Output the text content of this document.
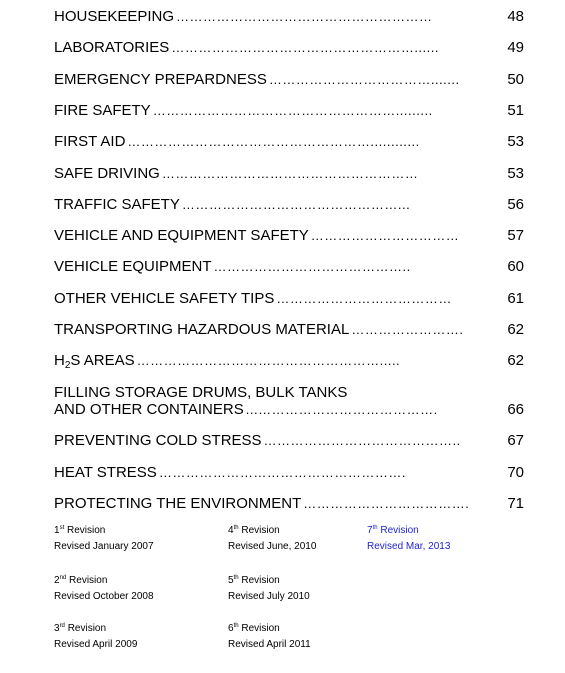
HOUSEKEEPING …………………………………………………	48
LABORATORIES ………………………………………………......	49
EMERGENCY PREPARDNESS ……………………………….......	50
FIRE SAFETY ……………………………………………….........	51
FIRST AID ………………………………………………............	53
SAFE DRIVING …………………………………………………	53
TRAFFIC SAFETY …………………………………………...	56
VEHICLE AND EQUIPMENT SAFETY ……………………………	57
VEHICLE EQUIPMENT ……………………………………..	60
OTHER VEHICLE SAFETY TIPS …………………………………	61
TRANSPORTING HAZARDOUS MATERIAL …………………….	62
$H_2S$ AREAS ……………………………………………….....	62
FILLING STORAGE DRUMS, BULK TANKS
AND OTHER CONTAINERS ...………………………………….	66
PREVENTING COLD STRESS ……………………………………..	67
HEAT STRESS ……………………………………………….	70
PROTECTING THE ENVIRONMENT ……………………………….	71
1st Revision
Revised January 2007
4th Revision
Revised June, 2010
7th Revision
Revised Mar, 2013
2nd Revision
Revised October 2008
5th Revision
Revised July 2010
3rd Revision
Revised April 2009
6th Revision
Revised April 2011
